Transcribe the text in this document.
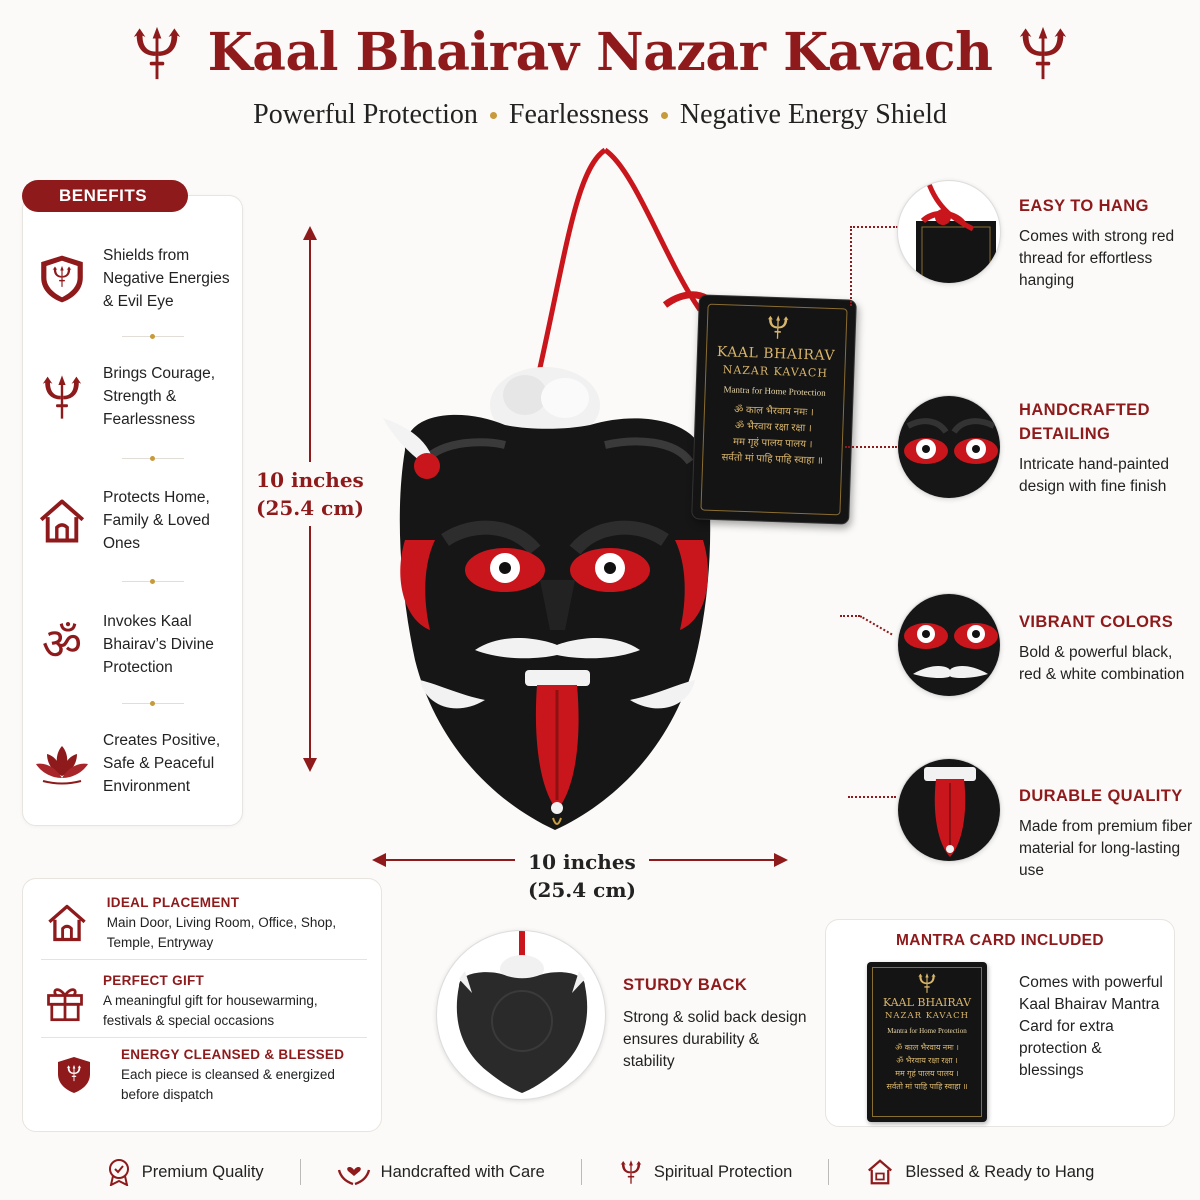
Kaal Bhairav Nazar Kavach
Powerful Protection Fearlessness Negative Energy Shield
BENEFITS
Shields from Negative Energies & Evil Eye
Brings Courage, Strength & Fearlessness
Protects Home, Family & Loved Ones
ॐ Invokes Kaal Bhairav’s Divine Protection
Creates Positive, Safe & Peaceful Environment
10 inches
(25.4 cm)
KAAL BHAIRAV
NAZAR KAVACH
Mantra for Home Protection
ॐ काल भैरवाय नमः ।
ॐ भैरवाय रक्षा रक्षा ।
मम गृहं पालय पालय ।
सर्वतो मां पाहि पाहि स्वाहा ॥
10 inches
(25.4 cm)
EASY TO HANG
Comes with strong red thread for effortless hanging
HANDCRAFTED DETAILING
Intricate hand-painted design with fine finish
VIBRANT COLORS
Bold & powerful black, red & white combination
DURABLE QUALITY
Made from premium fiber material for long-lasting use
IDEAL PLACEMENT
Main Door, Living Room, Office, Shop, Temple, Entryway
PERFECT GIFT
A meaningful gift for housewarming, festivals & special occasions
ENERGY CLEANSED & BLESSED
Each piece is cleansed & energized before dispatch
STURDY BACK
Strong & solid back design ensures durability & stability
MANTRA CARD INCLUDED
KAAL BHAIRAV
NAZAR KAVACH
Mantra for Home Protection
ॐ काल भैरवाय नमः ।
ॐ भैरवाय रक्षा रक्षा ।
मम गृहं पालय पालय ।
सर्वतो मां पाहि पाहि स्वाहा ॥
Comes with powerful Kaal Bhairav Mantra Card for extra protection & blessings
Premium Quality	Handcrafted with Care	Spiritual Protection	Blessed & Ready to Hang
